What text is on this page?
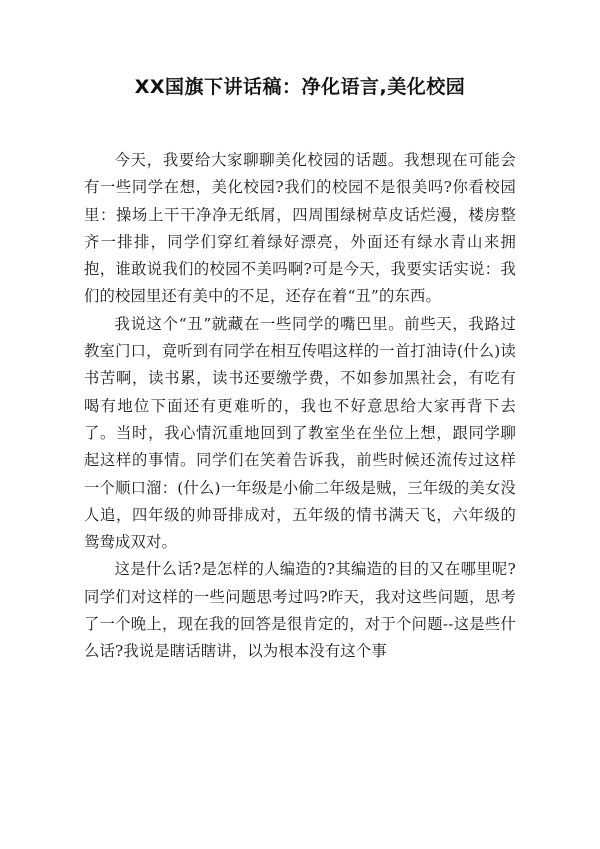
XX国旗下讲话稿：净化语言,美化校园

今天，我要给大家聊聊美化校园的话题。我想现在可能会有一些同学在想，美化校园?我们的校园不是很美吗?你看校园里：操场上干干净净无纸屑，四周围绿树草皮话烂漫，楼房整齐一排排，同学们穿红着绿好漂亮，外面还有绿水青山来拥抱，谁敢说我们的校园不美吗啊?可是今天，我要实话实说：我们的校园里还有美中的不足，还存在着“丑”的东西。

我说这个“丑”就藏在一些同学的嘴巴里。前些天，我路过教室门口，竟听到有同学在相互传唱这样的一首打油诗(什么)读书苦啊，读书累，读书还要缴学费，不如参加黑社会，有吃有喝有地位下面还有更难听的，我也不好意思给大家再背下去了。当时，我心情沉重地回到了教室坐在坐位上想，跟同学聊起这样的事情。同学们在笑着告诉我，前些时候还流传过这样一个顺口溜：(什么)一年级是小偷二年级是贼，三年级的美女没人追，四年级的帅哥排成对，五年级的情书满天飞，六年级的鸳鸯成双对。

这是什么话?是怎样的人编造的?其编造的目的又在哪里呢?同学们对这样的一些问题思考过吗?昨天，我对这些问题，思考了一个晚上，现在我的回答是很肯定的，对于个问题--这是些什么话?我说是瞎话瞎讲，以为根本没有这个事
